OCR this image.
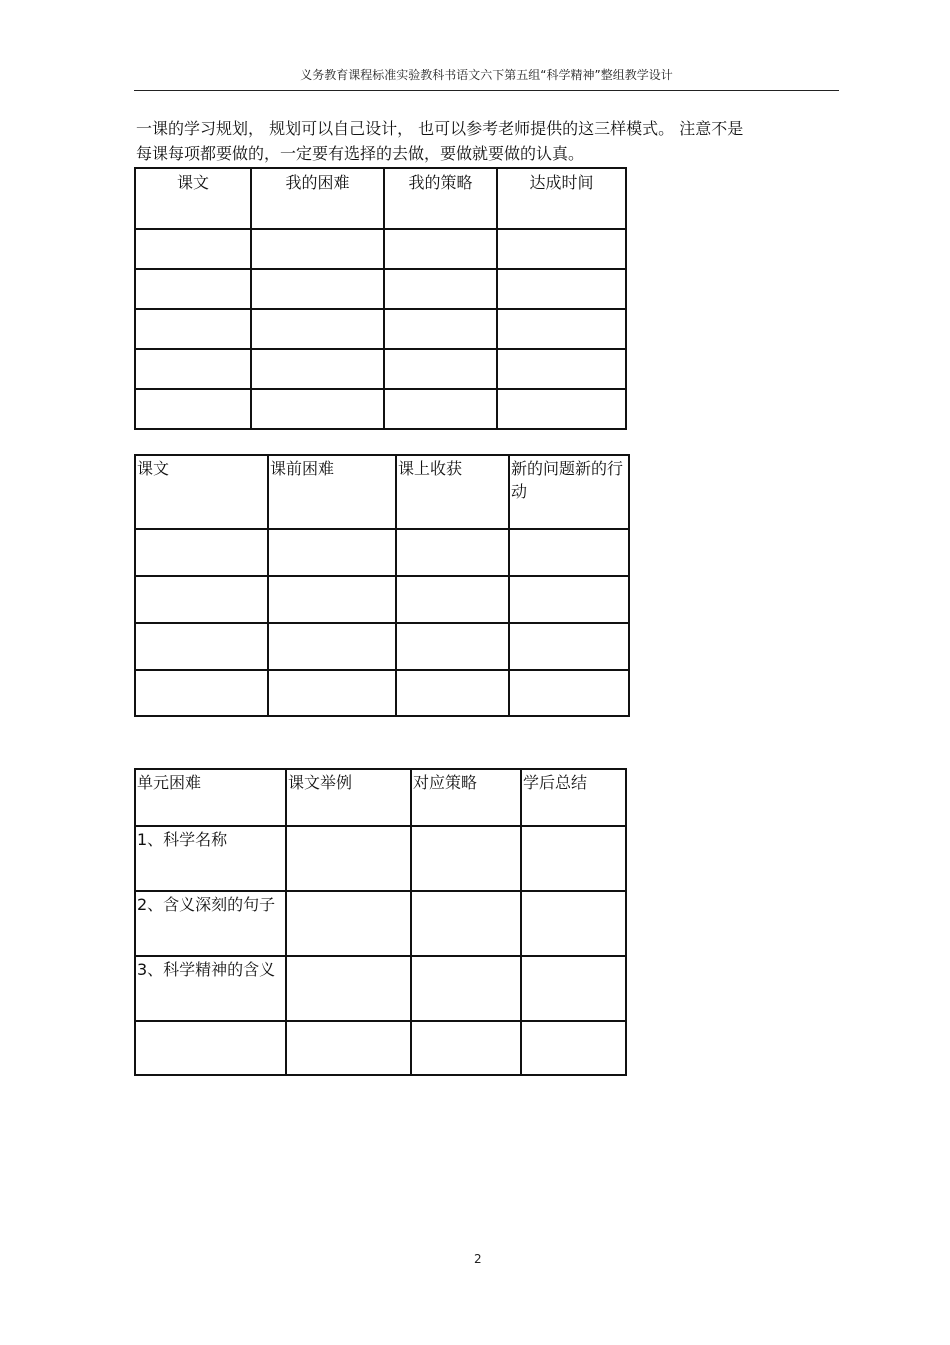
义务教育课程标准实验教科书语文六下第五组“科学精神”整组教学设计
一课的学习规划， 规划可以自己设计， 也可以参考老师提供的这三样模式。 注意不是
每课每项都要做的，一定要有选择的去做，要做就要做的认真。
课文	我的困难	我的策略	达成时间

课文	课前困难	课上收获	新的问题新的行动

单元困难	课文举例	对应策略	学后总结
1、科学名称			
2、含义深刻的句子			
3、科学精神的含义			

2
